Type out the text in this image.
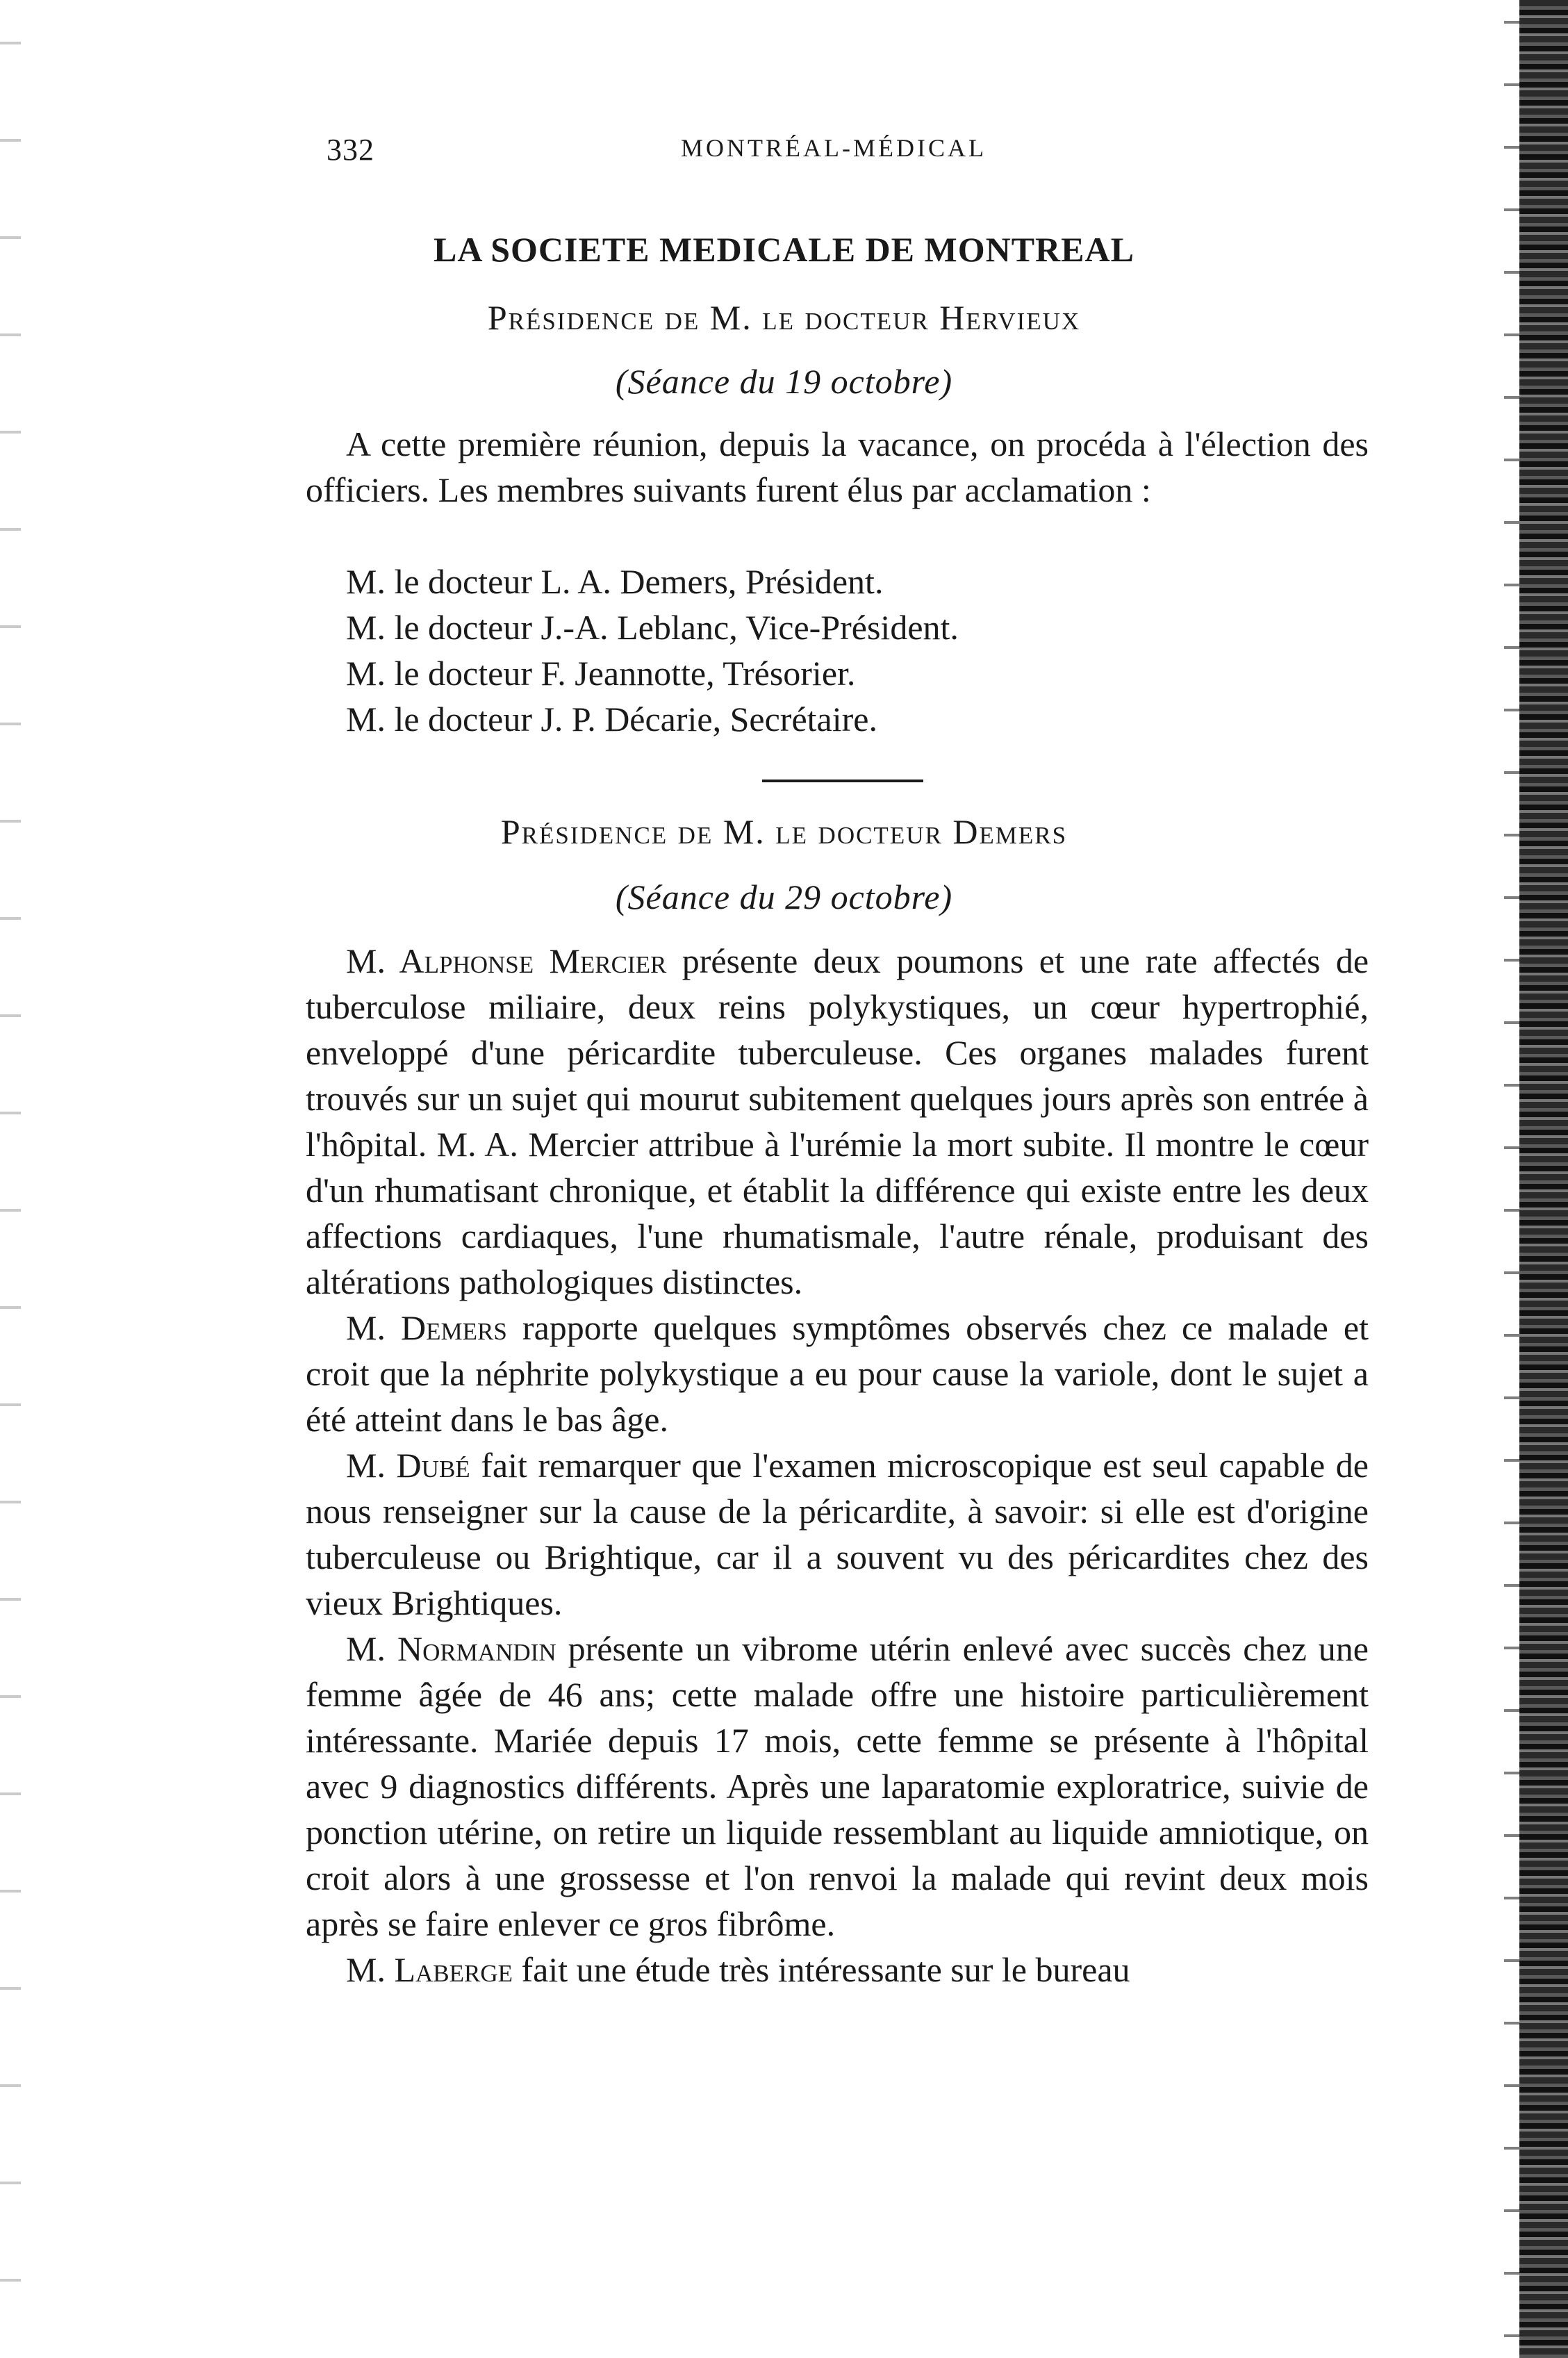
332	MONTRÉAL-MÉDICAL
LA SOCIETE MEDICALE DE MONTREAL
Présidence de M. le docteur Hervieux
(Séance du 19 octobre)

A cette première réunion, depuis la vacance, on procéda à l'élection des officiers. Les membres suivants furent élus par acclamation :

M. le docteur L. A. Demers, Président.
M. le docteur J.-A. Leblanc, Vice-Président.
M. le docteur F. Jeannotte, Trésorier.
M. le docteur J. P. Décarie, Secrétaire.
Présidence de M. le docteur Demers
(Séance du 29 octobre)

M. Alphonse Mercier présente deux poumons et une rate affectés de tuberculose miliaire, deux reins polykystiques, un cœur hypertrophié, enveloppé d'une péricardite tuberculeuse. Ces organes malades furent trouvés sur un sujet qui mourut subitement quelques jours après son entrée à l'hôpital. M. A. Mercier attribue à l'urémie la mort subite. Il montre le cœur d'un rhumatisant chronique, et établit la différence qui existe entre les deux affections cardiaques, l'une rhumatismale, l'autre rénale, produisant des altérations pathologiques distinctes.

M. Demers rapporte quelques symptômes observés chez ce malade et croit que la néphrite polykystique a eu pour cause la variole, dont le sujet a été atteint dans le bas âge.

M. Dubé fait remarquer que l'examen microscopique est seul capable de nous renseigner sur la cause de la péricardite, à savoir: si elle est d'origine tuberculeuse ou Brightique, car il a souvent vu des péricardites chez des vieux Brightiques.

M. Normandin présente un vibrome utérin enlevé avec succès chez une femme âgée de 46 ans; cette malade offre une histoire particulièrement intéressante. Mariée depuis 17 mois, cette femme se présente à l'hôpital avec 9 diagnostics différents. Après une laparatomie exploratrice, suivie de ponction utérine, on retire un liquide ressemblant au liquide amniotique, on croit alors à une grossesse et l'on renvoi la malade qui revint deux mois après se faire enlever ce gros fibrôme.

M. Laberge fait une étude très intéressante sur le bureau
